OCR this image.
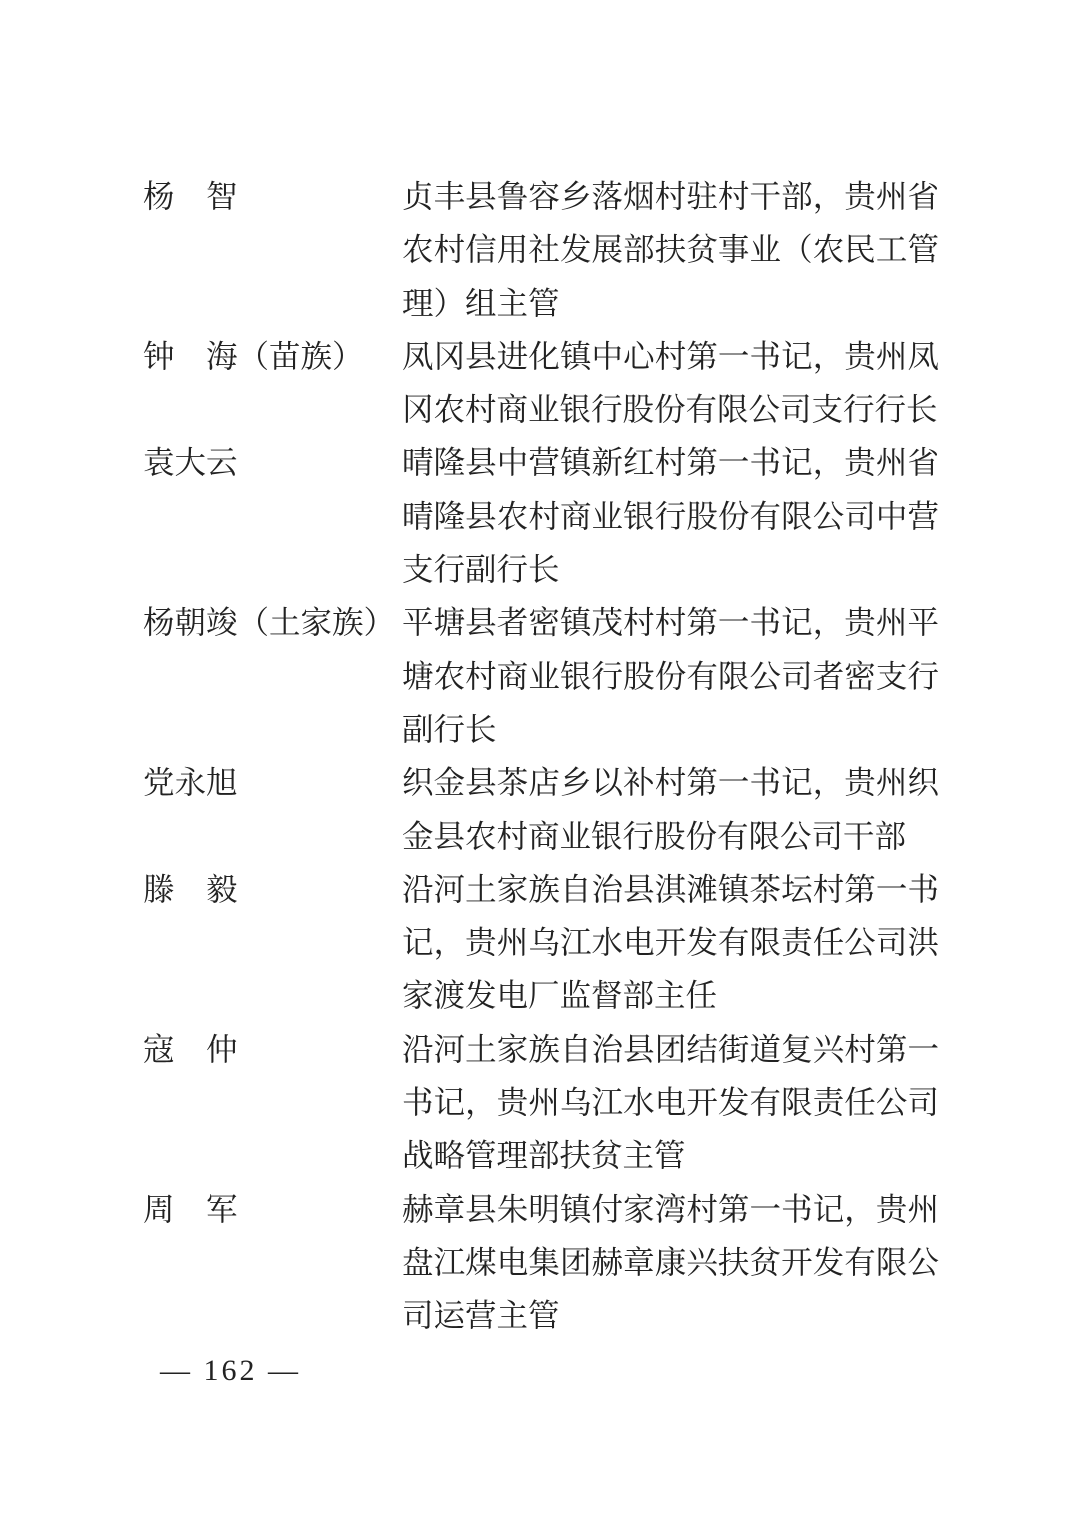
杨　智	贞丰县鲁容乡落烟村驻村干部，贵州省
农村信用社发展部扶贫事业（农民工管
理）组主管
钟　海（苗族）	凤冈县进化镇中心村第一书记，贵州凤
冈农村商业银行股份有限公司支行行长
袁大云	晴隆县中营镇新红村第一书记，贵州省
晴隆县农村商业银行股份有限公司中营
支行副行长
杨朝竣（土家族） 平塘县者密镇茂村村第一书记，贵州平
塘农村商业银行股份有限公司者密支行
副行长
党永旭	织金县茶店乡以补村第一书记，贵州织
金县农村商业银行股份有限公司干部
滕　毅	沿河土家族自治县淇滩镇茶坛村第一书
记，贵州乌江水电开发有限责任公司洪
家渡发电厂监督部主任
寇　仲	沿河土家族自治县团结街道复兴村第一
书记，贵州乌江水电开发有限责任公司
战略管理部扶贫主管
周　军	赫章县朱明镇付家湾村第一书记，贵州
盘江煤电集团赫章康兴扶贫开发有限公
司运营主管
— 162 —
